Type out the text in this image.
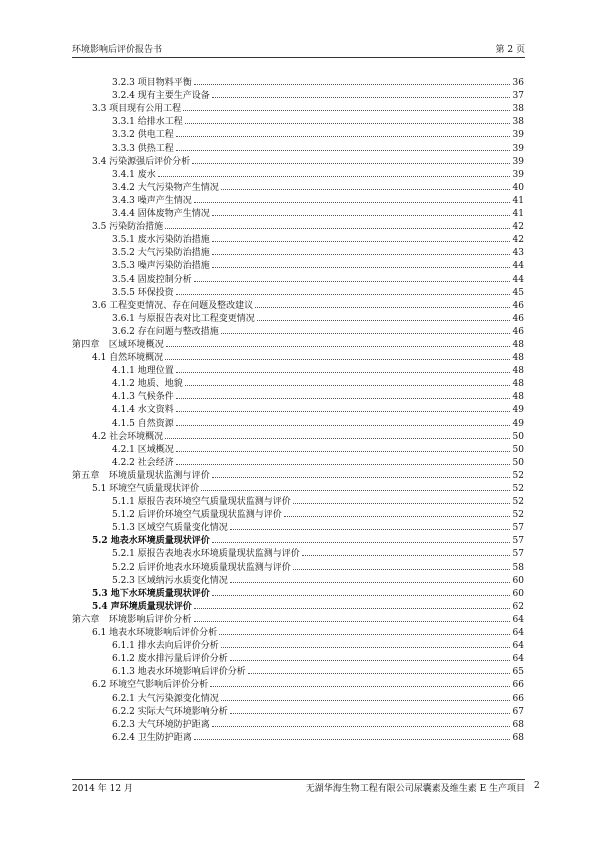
环境影响后评价报告书	第 2 页
3.2.3 项目物料平衡	36
3.2.4 现有主要生产设备	37
3.3 项目现有公用工程	38
3.3.1 给排水工程	38
3.3.2 供电工程	39
3.3.3 供热工程	39
3.4 污染源强后评价分析	39
3.4.1 废水	39
3.4.2 大气污染物产生情况	40
3.4.3 噪声产生情况	41
3.4.4 固体废物产生情况	41
3.5 污染防治措施	42
3.5.1 废水污染防治措施	42
3.5.2 大气污染防治措施	43
3.5.3 噪声污染防治措施	44
3.5.4 固废控制分析	44
3.5.5 环保投资	45
3.6 工程变更情况、存在问题及整改建议	46
3.6.1 与原报告表对比工程变更情况	46
3.6.2 存在问题与整改措施	46
第四章　区域环境概况	48
4.1 自然环境概况	48
4.1.1 地理位置	48
4.1.2 地质、地貌	48
4.1.3 气候条件	48
4.1.4 水文资料	49
4.1.5 自然资源	49
4.2 社会环境概况	50
4.2.1 区域概况	50
4.2.2 社会经济	50
第五章　环境质量现状监测与评价	52
5.1 环境空气质量现状评价	52
5.1.1 原报告表环境空气质量现状监测与评价	52
5.1.2 后评价环境空气质量现状监测与评价	52
5.1.3 区域空气质量变化情况	57
5.2 地表水环境质量现状评价	57
5.2.1 原报告表地表水环境质量现状监测与评价	57
5.2.2 后评价地表水环境质量现状监测与评价	58
5.2.3 区域纳污水质变化情况	60
5.3 地下水环境质量现状评价	60
5.4 声环境质量现状评价	62
第六章　环境影响后评价分析	64
6.1 地表水环境影响后评价分析	64
6.1.1 排水去向后评价分析	64
6.1.2 废水排污量后评价分析	64
6.1.3 地表水环境影响后评价分析	65
6.2 环境空气影响后评价分析	66
6.2.1 大气污染源变化情况	66
6.2.2 实际大气环境影响分析	67
6.2.3 大气环境防护距离	68
6.2.4 卫生防护距离	68
2014 年 12 月	无湖华海生物工程有限公司尿囊素及维生素 E 生产项目 2
